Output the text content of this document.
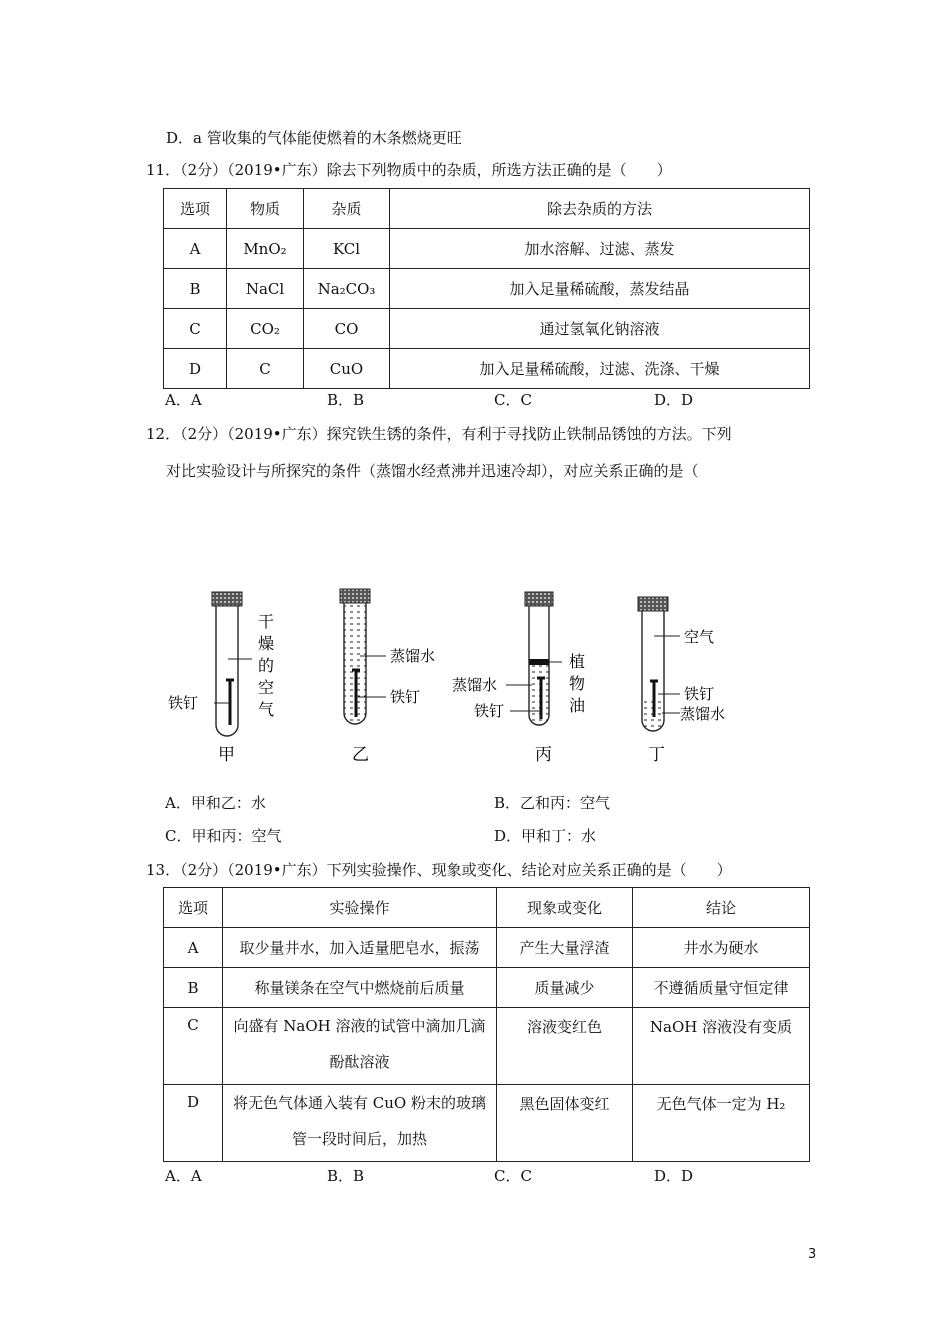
D．a 管收集的气体能使燃着的木条燃烧更旺
11．（2分）（2019•广东）除去下列物质中的杂质，所选方法正确的是（　　）
选项	物质	杂质	除去杂质的方法
A	MnO₂	KCl	加水溶解、过滤、蒸发
B	NaCl	Na₂CO₃	加入足量稀硫酸，蒸发结晶
C	CO₂	CO	通过氢氧化钠溶液
D	C	CuO	加入足量稀硫酸，过滤、洗涤、干燥
A．A	B．B	C．C	D．D
12．（2分）（2019•广东）探究铁生锈的条件，有利于寻找防止铁制品锈蚀的方法。下列
对比实验设计与所探究的条件（蒸馏水经煮沸并迅速冷却），对应关系正确的是（
铁钉
干
燥
的
空
气
甲
蒸馏水
铁钉
乙
植
物
油
蒸馏水
铁钉
丙
空气
铁钉
蒸馏水
丁
A．甲和乙：水	B．乙和丙：空气
C．甲和丙：空气	D．甲和丁：水
13．（2分）（2019•广东）下列实验操作、现象或变化、结论对应关系正确的是（　　）
选项	实验操作	现象或变化	结论
A	取少量井水，加入适量肥皂水，振荡	产生大量浮渣	井水为硬水
B	称量镁条在空气中燃烧前后质量	质量减少	不遵循质量守恒定律
C	向盛有 NaOH 溶液的试管中滴加几滴
酚酞溶液	溶液变红色	NaOH 溶液没有变质
D	将无色气体通入装有 CuO 粉末的玻璃
管一段时间后，加热	黑色固体变红	无色气体一定为 H₂
A．A	B．B	C．C	D．D
3
